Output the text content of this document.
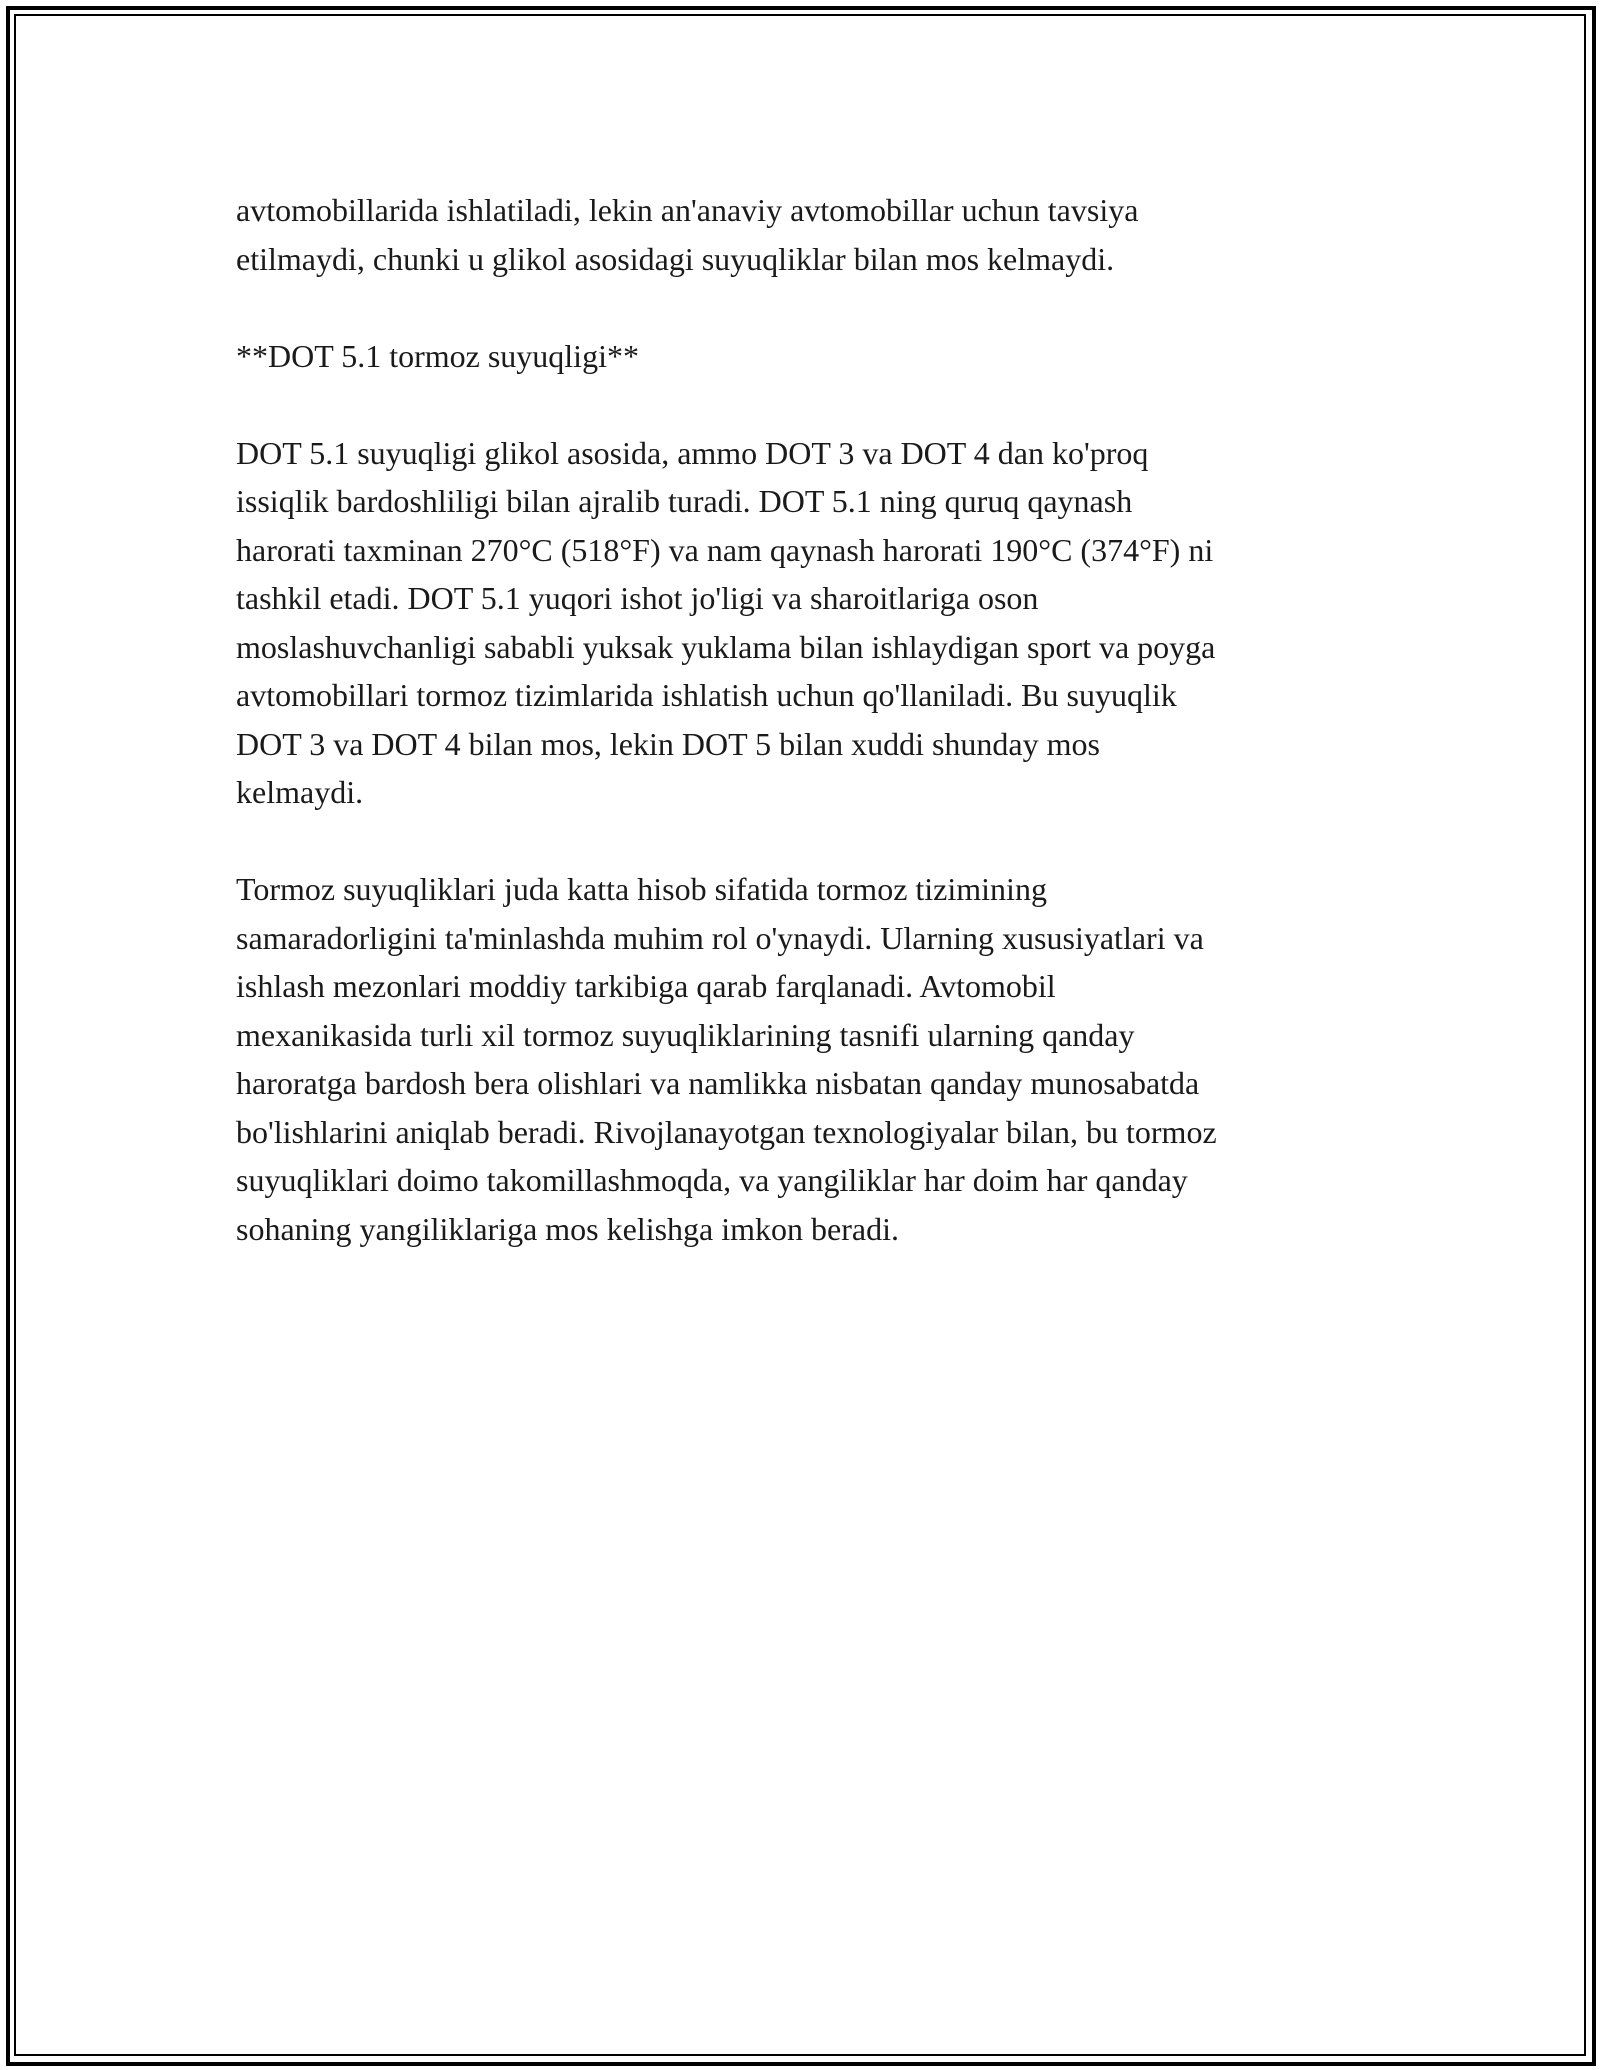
avtomobillarida ishlatiladi, lekin an'anaviy avtomobillar uchun tavsiya
etilmaydi, chunki u glikol asosidagi suyuqliklar bilan mos kelmaydi.

**DOT 5.1 tormoz suyuqligi**

DOT 5.1 suyuqligi glikol asosida, ammo DOT 3 va DOT 4 dan ko'proq
issiqlik bardoshliligi bilan ajralib turadi. DOT 5.1 ning quruq qaynash
harorati taxminan 270°C (518°F) va nam qaynash harorati 190°C (374°F) ni
tashkil etadi. DOT 5.1 yuqori ishot jo'ligi va sharoitlariga oson
moslashuvchanligi sababli yuksak yuklama bilan ishlaydigan sport va poyga
avtomobillari tormoz tizimlarida ishlatish uchun qo'llaniladi. Bu suyuqlik
DOT 3 va DOT 4 bilan mos, lekin DOT 5 bilan xuddi shunday mos
kelmaydi.

Tormoz suyuqliklari juda katta hisob sifatida tormoz tizimining
samaradorligini ta'minlashda muhim rol o'ynaydi. Ularning xususiyatlari va
ishlash mezonlari moddiy tarkibiga qarab farqlanadi. Avtomobil
mexanikasida turli xil tormoz suyuqliklarining tasnifi ularning qanday
haroratga bardosh bera olishlari va namlikka nisbatan qanday munosabatda
bo'lishlarini aniqlab beradi. Rivojlanayotgan texnologiyalar bilan, bu tormoz
suyuqliklari doimo takomillashmoqda, va yangiliklar har doim har qanday
sohaning yangiliklariga mos kelishga imkon beradi.
